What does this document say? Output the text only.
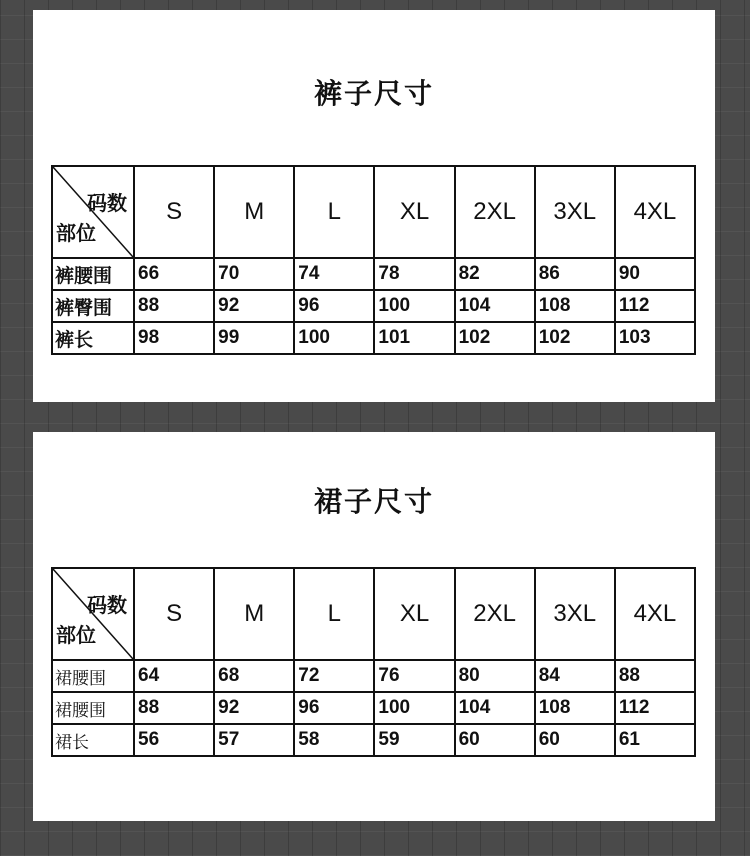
裤子尺寸
码数
部位	S	M	L	XL	2XL	3XL	4XL
裤腰围	66	70	74	78	82	86	90
裤臀围	88	92	96	100	104	108	112
裤长	98	99	100	101	102	102	103
裙子尺寸
码数
部位	S	M	L	XL	2XL	3XL	4XL
裙腰围	64	68	72	76	80	84	88
裙腰围	88	92	96	100	104	108	112
裙长	56	57	58	59	60	60	61
